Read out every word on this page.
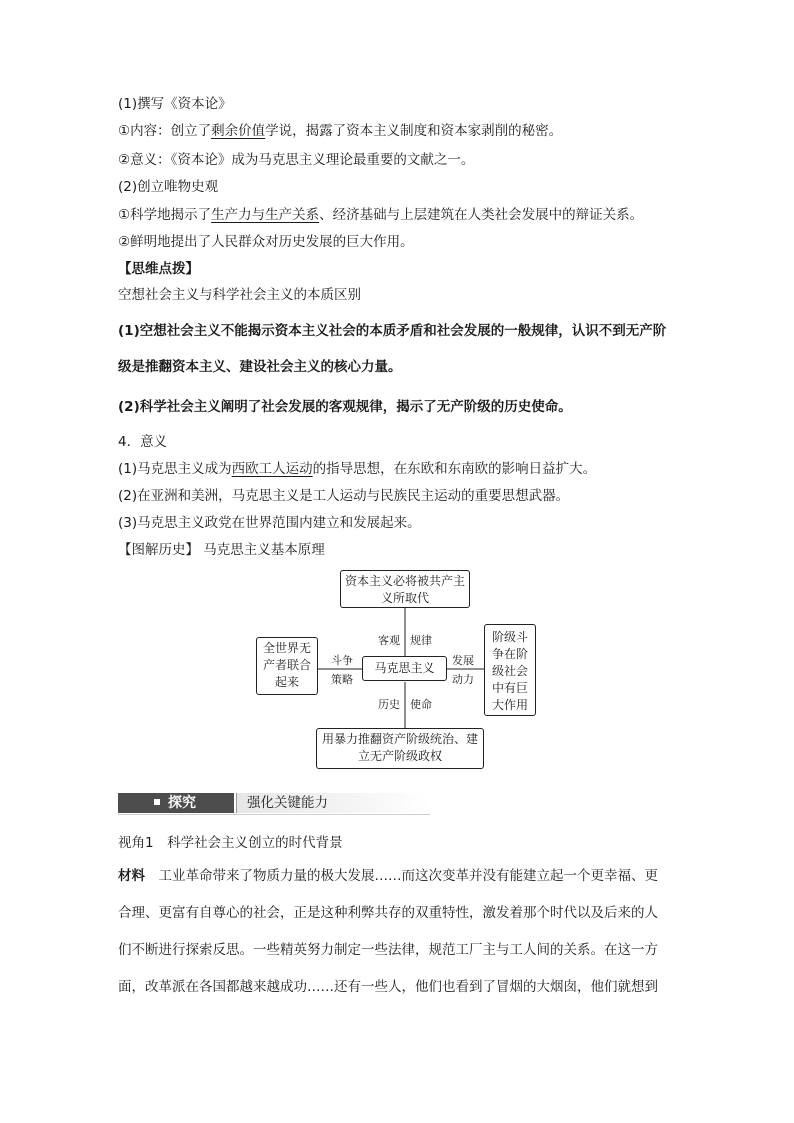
(1)撰写《资本论》
①内容：创立了剩余价值学说，揭露了资本主义制度和资本家剥削的秘密。
②意义：《资本论》成为马克思主义理论最重要的文献之一。
(2)创立唯物史观
①科学地揭示了生产力与生产关系、经济基础与上层建筑在人类社会发展中的辩证关系。
②鲜明地提出了人民群众对历史发展的巨大作用。
【思维点拨】
空想社会主义与科学社会主义的本质区别
(1)空想社会主义不能揭示资本主义社会的本质矛盾和社会发展的一般规律，认识不到无产阶
级是推翻资本主义、建设社会主义的核心力量。
(2)科学社会主义阐明了社会发展的客观规律，揭示了无产阶级的历史使命。
4．意义
(1)马克思主义成为西欧工人运动的指导思想，在东欧和东南欧的影响日益扩大。
(2)在亚洲和美洲，马克思主义是工人运动与民族民主运动的重要思想武器。
(3)马克思主义政党在世界范围内建立和发展起来。
【图解历史】 马克思主义基本原理
资本主义必将被共产主义所取代
全世界无产者联合起来
马克思主义
阶级斗争在阶级社会中有巨大作用
用暴力推翻资产阶级统治、建立无产阶级政权
客观 规律
斗争
策略
发展
动力
历史 使命
探究	强化关键能力
视角1　科学社会主义创立的时代背景
材料　工业革命带来了物质力量的极大发展……而这次变革并没有能建立起一个更幸福、更
合理、更富有自尊心的社会，正是这种利弊共存的双重特性，激发着那个时代以及后来的人
们不断进行探索反思。一些精英努力制定一些法律，规范工厂主与工人间的关系。在这一方
面，改革派在各国都越来越成功……还有一些人，他们也看到了冒烟的大烟囱，他们就想到
